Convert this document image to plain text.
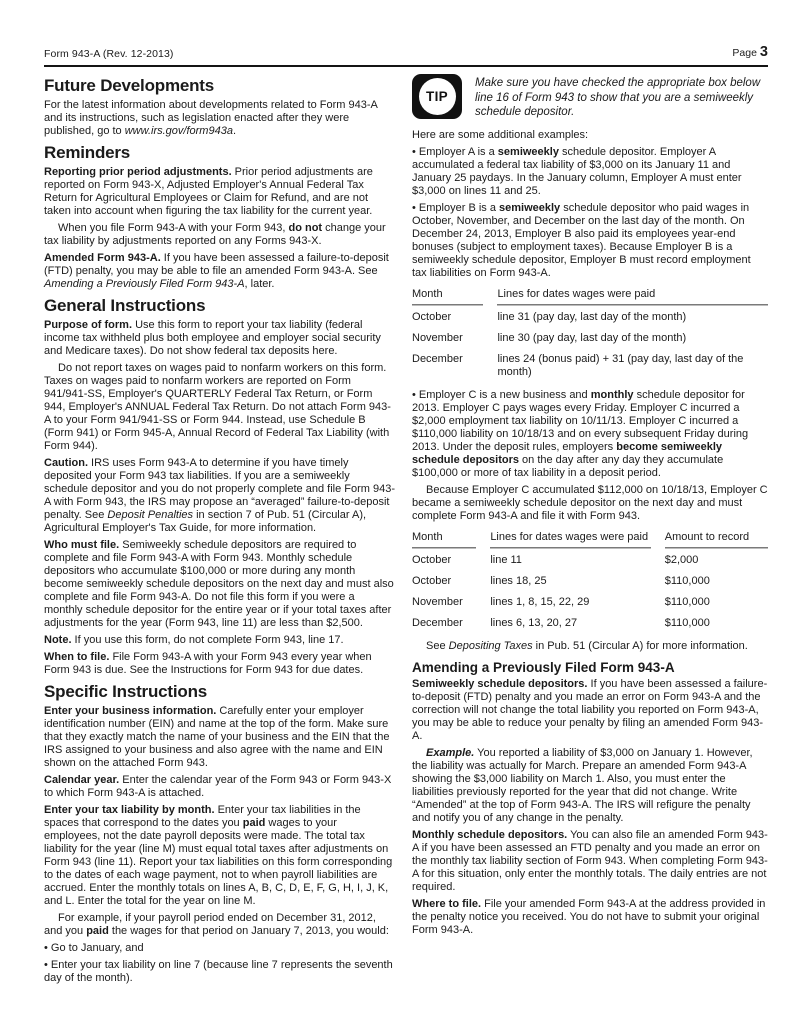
Form 943-A (Rev. 12-2013)	Page 3
Future Developments

For the latest information about developments related to Form 943-A and its instructions, such as legislation enacted after they were published, go to www.irs.gov/form943a.

Reminders

Reporting prior period adjustments. Prior period adjustments are reported on Form 943-X, Adjusted Employer's Annual Federal Tax Return for Agricultural Employees or Claim for Refund, and are not taken into account when figuring the tax liability for the current year.

When you file Form 943-A with your Form 943, do not change your tax liability by adjustments reported on any Forms 943-X.

Amended Form 943-A. If you have been assessed a failure-to-deposit (FTD) penalty, you may be able to file an amended Form 943-A. See Amending a Previously Filed Form 943-A, later.

General Instructions

Purpose of form. Use this form to report your tax liability (federal income tax withheld plus both employee and employer social security and Medicare taxes). Do not show federal tax deposits here.

Do not report taxes on wages paid to nonfarm workers on this form. Taxes on wages paid to nonfarm workers are reported on Form 941/941-SS, Employer's QUARTERLY Federal Tax Return, or Form 944, Employer's ANNUAL Federal Tax Return. Do not attach Form 943-A to your Form 941/941-SS or Form 944. Instead, use Schedule B (Form 941) or Form 945-A, Annual Record of Federal Tax Liability (with Form 944).

Caution. IRS uses Form 943-A to determine if you have timely deposited your Form 943 tax liabilities. If you are a semiweekly schedule depositor and you do not properly complete and file Form 943-A with Form 943, the IRS may propose an “averaged” failure-to-deposit penalty. See Deposit Penalties in section 7 of Pub. 51 (Circular A), Agricultural Employer's Tax Guide, for more information.

Who must file. Semiweekly schedule depositors are required to complete and file Form 943-A with Form 943. Monthly schedule depositors who accumulate $100,000 or more during any month become semiweekly schedule depositors on the next day and must also complete and file Form 943-A. Do not file this form if you were a monthly schedule depositor for the entire year or if your total taxes after adjustments for the year (Form 943, line 11) are less than $2,500.

Note. If you use this form, do not complete Form 943, line 17.

When to file. File Form 943-A with your Form 943 every year when Form 943 is due. See the Instructions for Form 943 for due dates.

Specific Instructions

Enter your business information. Carefully enter your employer identification number (EIN) and name at the top of the form. Make sure that they exactly match the name of your business and the EIN that the IRS assigned to your business and also agree with the name and EIN shown on the attached Form 943.

Calendar year. Enter the calendar year of the Form 943 or Form 943-X to which Form 943-A is attached.

Enter your tax liability by month. Enter your tax liabilities in the spaces that correspond to the dates you paid wages to your employees, not the date payroll deposits were made. The total tax liability for the year (line M) must equal total taxes after adjustments on Form 943 (line 11). Report your tax liabilities on this form corresponding to the dates of each wage payment, not to when payroll liabilities are accrued. Enter the monthly totals on lines A, B, C, D, E, F, G, H, I, J, K, and L. Enter the total for the year on line M.

For example, if your payroll period ended on December 31, 2012, and you paid the wages for that period on January 7, 2013, you would:

• Go to January, and

• Enter your tax liability on line 7 (because line 7 represents the seventh day of the month).

TIP
Make sure you have checked the appropriate box below line 16 of Form 943 to show that you are a semiweekly schedule depositor.

Here are some additional examples:

• Employer A is a semiweekly schedule depositor. Employer A accumulated a federal tax liability of $3,000 on its January 11 and January 25 paydays. In the January column, Employer A must enter $3,000 on lines 11 and 25.

• Employer B is a semiweekly schedule depositor who paid wages in October, November, and December on the last day of the month. On December 24, 2013, Employer B also paid its employees year-end bonuses (subject to employment taxes). Because Employer B is a semiweekly schedule depositor, Employer B must record employment tax liabilities on Form 943-A.

Month	Lines for dates wages were paid
October	line 31 (pay day, last day of the month)
November	line 30 (pay day, last day of the month)
December	lines 24 (bonus paid) + 31 (pay day, last day of the month)

• Employer C is a new business and monthly schedule depositor for 2013. Employer C pays wages every Friday. Employer C incurred a $2,000 employment tax liability on 10/11/13. Employer C incurred a $110,000 liability on 10/18/13 and on every subsequent Friday during 2013. Under the deposit rules, employers become semiweekly schedule depositors on the day after any day they accumulate $100,000 or more of tax liability in a deposit period.

Because Employer C accumulated $112,000 on 10/18/13, Employer C became a semiweekly schedule depositor on the next day and must complete Form 943-A and file it with Form 943.

Month	Lines for dates wages were paid	Amount to record
October	line 11	$2,000
October	lines 18, 25	$110,000
November	lines 1, 8, 15, 22, 29	$110,000
December	lines 6, 13, 20, 27	$110,000

See Depositing Taxes in Pub. 51 (Circular A) for more information.

Amending a Previously Filed Form 943-A

Semiweekly schedule depositors. If you have been assessed a failure-to-deposit (FTD) penalty and you made an error on Form 943-A and the correction will not change the total liability you reported on Form 943-A, you may be able to reduce your penalty by filing an amended Form 943-A.

Example. You reported a liability of $3,000 on January 1. However, the liability was actually for March. Prepare an amended Form 943-A showing the $3,000 liability on March 1. Also, you must enter the liabilities previously reported for the year that did not change. Write “Amended” at the top of Form 943-A. The IRS will refigure the penalty and notify you of any change in the penalty.

Monthly schedule depositors. You can also file an amended Form 943-A if you have been assessed an FTD penalty and you made an error on the monthly tax liability section of Form 943. When completing Form 943-A for this situation, only enter the monthly totals. The daily entries are not required.

Where to file. File your amended Form 943-A at the address provided in the penalty notice you received. You do not have to submit your original Form 943-A.
